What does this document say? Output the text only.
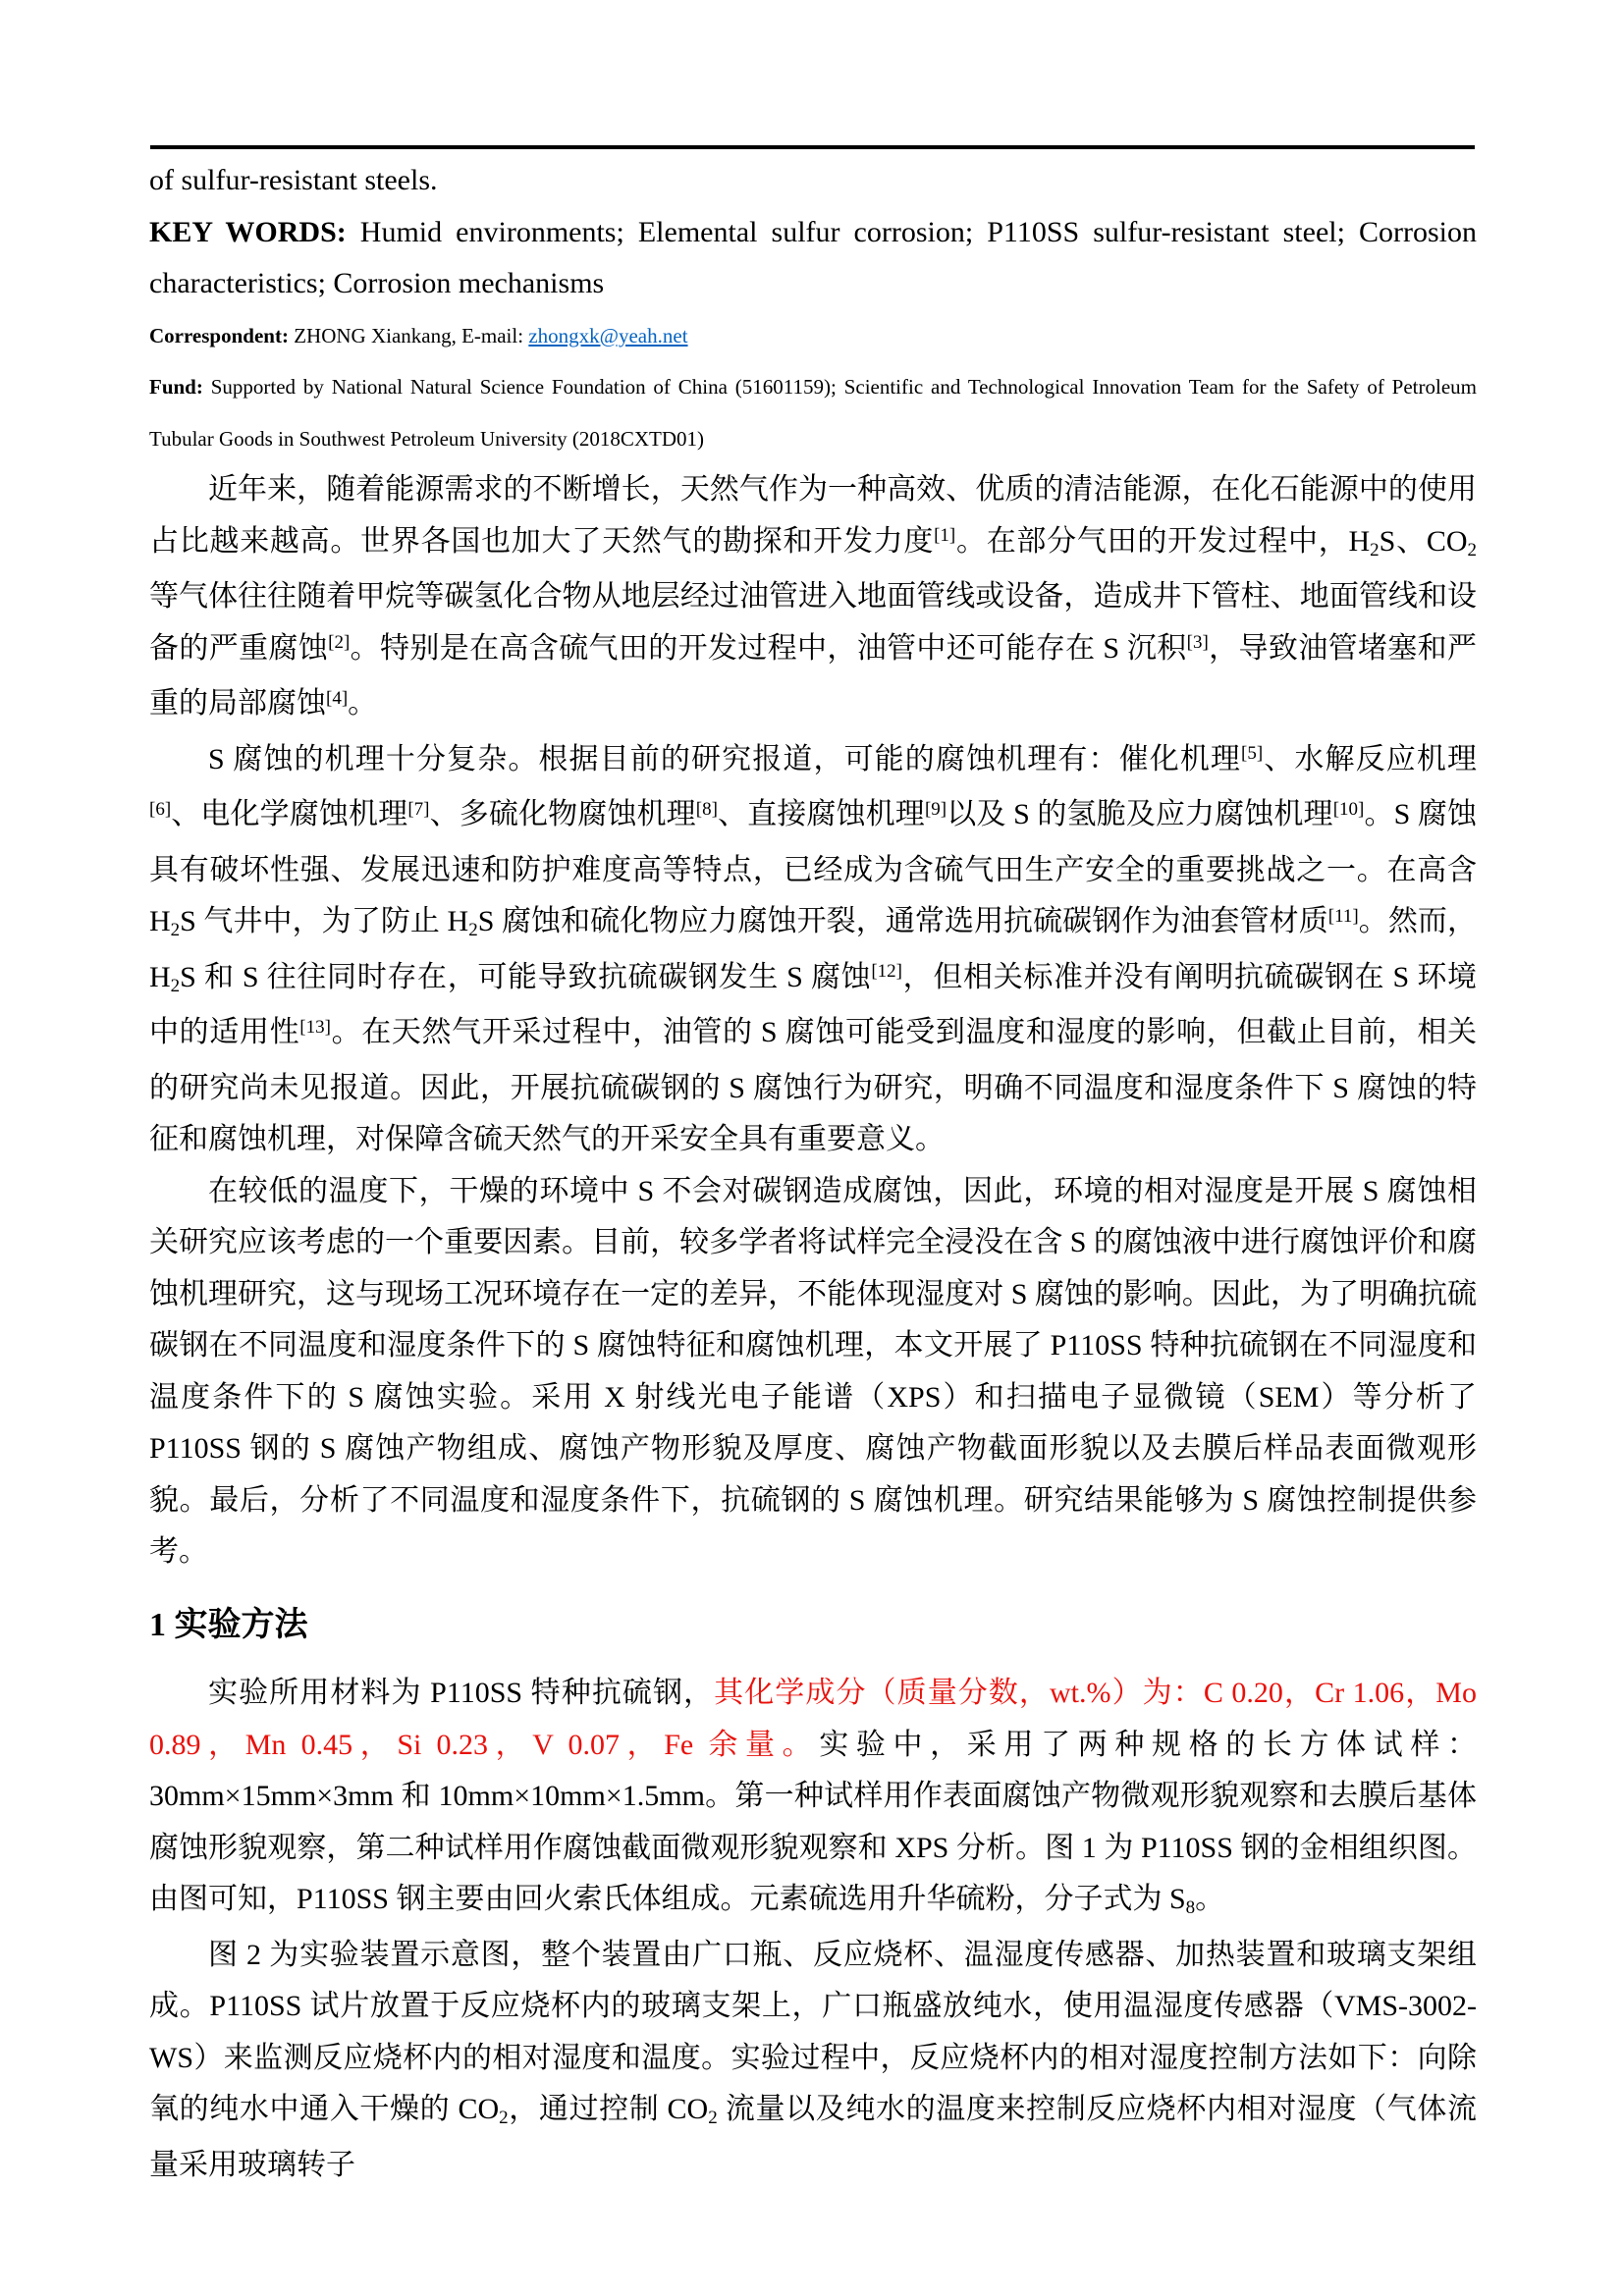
of sulfur-resistant steels.

KEY WORDS: Humid environments; Elemental sulfur corrosion; P110SS sulfur-resistant steel; Corrosion characteristics; Corrosion mechanisms

Correspondent: ZHONG Xiankang, E-mail: zhongxk@yeah.net

Fund: Supported by National Natural Science Foundation of China (51601159); Scientific and Technological Innovation Team for the Safety of Petroleum Tubular Goods in Southwest Petroleum University (2018CXTD01)

近年来，随着能源需求的不断增长，天然气作为一种高效、优质的清洁能源，在化石能源中的使用占比越来越高。世界各国也加大了天然气的勘探和开发力度[1]。在部分气田的开发过程中，H2S、CO2 等气体往往随着甲烷等碳氢化合物从地层经过油管进入地面管线或设备，造成井下管柱、地面管线和设备的严重腐蚀[2]。特别是在高含硫气田的开发过程中，油管中还可能存在 S 沉积[3]，导致油管堵塞和严重的局部腐蚀[4]。

S 腐蚀的机理十分复杂。根据目前的研究报道，可能的腐蚀机理有：催化机理[5]、水解反应机理[6]、电化学腐蚀机理[7]、多硫化物腐蚀机理[8]、直接腐蚀机理[9]以及 S 的氢脆及应力腐蚀机理[10]。S 腐蚀具有破坏性强、发展迅速和防护难度高等特点，已经成为含硫气田生产安全的重要挑战之一。在高含 H2S 气井中，为了防止 H2S 腐蚀和硫化物应力腐蚀开裂，通常选用抗硫碳钢作为油套管材质[11]。然而，H2S 和 S 往往同时存在，可能导致抗硫碳钢发生 S 腐蚀[12]，但相关标准并没有阐明抗硫碳钢在 S 环境中的适用性[13]。在天然气开采过程中，油管的 S 腐蚀可能受到温度和湿度的影响，但截止目前，相关的研究尚未见报道。因此，开展抗硫碳钢的 S 腐蚀行为研究，明确不同温度和湿度条件下 S 腐蚀的特征和腐蚀机理，对保障含硫天然气的开采安全具有重要意义。

在较低的温度下，干燥的环境中 S 不会对碳钢造成腐蚀，因此，环境的相对湿度是开展 S 腐蚀相关研究应该考虑的一个重要因素。目前，较多学者将试样完全浸没在含 S 的腐蚀液中进行腐蚀评价和腐蚀机理研究，这与现场工况环境存在一定的差异，不能体现湿度对 S 腐蚀的影响。因此，为了明确抗硫碳钢在不同温度和湿度条件下的 S 腐蚀特征和腐蚀机理，本文开展了 P110SS 特种抗硫钢在不同湿度和温度条件下的 S 腐蚀实验。采用 X 射线光电子能谱（XPS）和扫描电子显微镜（SEM）等分析了 P110SS 钢的 S 腐蚀产物组成、腐蚀产物形貌及厚度、腐蚀产物截面形貌以及去膜后样品表面微观形貌。最后，分析了不同温度和湿度条件下，抗硫钢的 S 腐蚀机理。研究结果能够为 S 腐蚀控制提供参考。

1 实验方法

实验所用材料为 P110SS 特种抗硫钢，其化学成分（质量分数，wt.%）为：C 0.20，Cr 1.06，Mo 0.89，Mn 0.45，Si 0.23，V 0.07，Fe 余量。实验中，采用了两种规格的长方体试样：30mm×15mm×3mm 和 10mm×10mm×1.5mm。第一种试样用作表面腐蚀产物微观形貌观察和去膜后基体腐蚀形貌观察，第二种试样用作腐蚀截面微观形貌观察和 XPS 分析。图 1 为 P110SS 钢的金相组织图。由图可知，P110SS 钢主要由回火索氏体组成。元素硫选用升华硫粉，分子式为 S8。

图 2 为实验装置示意图，整个装置由广口瓶、反应烧杯、温湿度传感器、加热装置和玻璃支架组成。P110SS 试片放置于反应烧杯内的玻璃支架上，广口瓶盛放纯水，使用温湿度传感器（VMS-3002-WS）来监测反应烧杯内的相对湿度和温度。实验过程中，反应烧杯内的相对湿度控制方法如下：向除氧的纯水中通入干燥的 CO2，通过控制 CO2 流量以及纯水的温度来控制反应烧杯内相对湿度（气体流量采用玻璃转子
